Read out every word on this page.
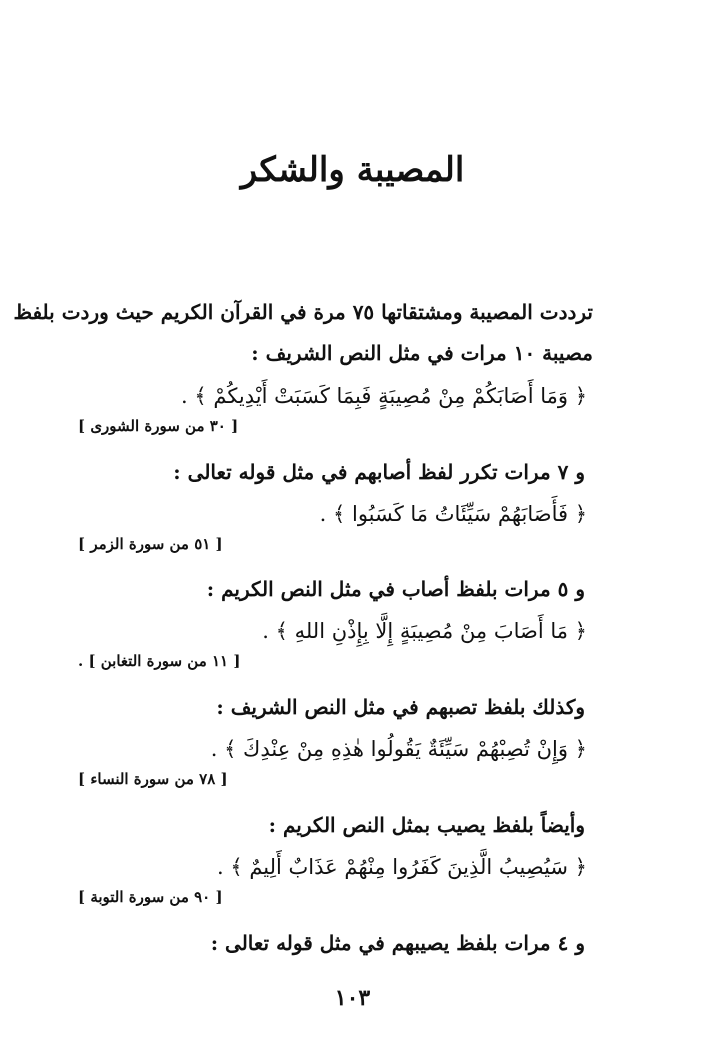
المصيبة والشكر
ترددت المصيبة ومشتقاتها ٧٥ مرة في القرآن الكريم حيث وردت بلفظ
مصيبة ١٠ مرات في مثل النص الشريف :
﴿ وَمَا أَصَابَكُمْ مِنْ مُصِيبَةٍ فَبِمَا كَسَبَتْ أَيْدِيكُمْ ﴾ .
[ ٣٠ من سورة الشورى ]
و ٧ مرات تكرر لفظ أصابهم في مثل قوله تعالى :
﴿ فَأَصَابَهُمْ سَيِّئَاتُ مَا كَسَبُوا ﴾ .
[ ٥١ من سورة الزمر ]
و ٥ مرات بلفظ أصاب في مثل النص الكريم :
﴿ مَا أَصَابَ مِنْ مُصِيبَةٍ إِلَّا بِإِذْنِ اللهِ ﴾ .
[ ١١ من سورة التغابن ] .
وكذلك بلفظ تصبهم في مثل النص الشريف :
﴿ وَإِنْ تُصِبْهُمْ سَيِّئَةٌ يَقُولُوا هٰذِهِ مِنْ عِنْدِكَ ﴾ .
[ ٧٨ من سورة النساء ]
وأيضاً بلفظ يصيب بمثل النص الكريم :
﴿ سَيُصِيبُ الَّذِينَ كَفَرُوا مِنْهُمْ عَذَابٌ أَلِيمٌ ﴾ .
[ ٩٠ من سورة التوبة ]
و ٤ مرات بلفظ يصيبهم في مثل قوله تعالى :
١٠٣
